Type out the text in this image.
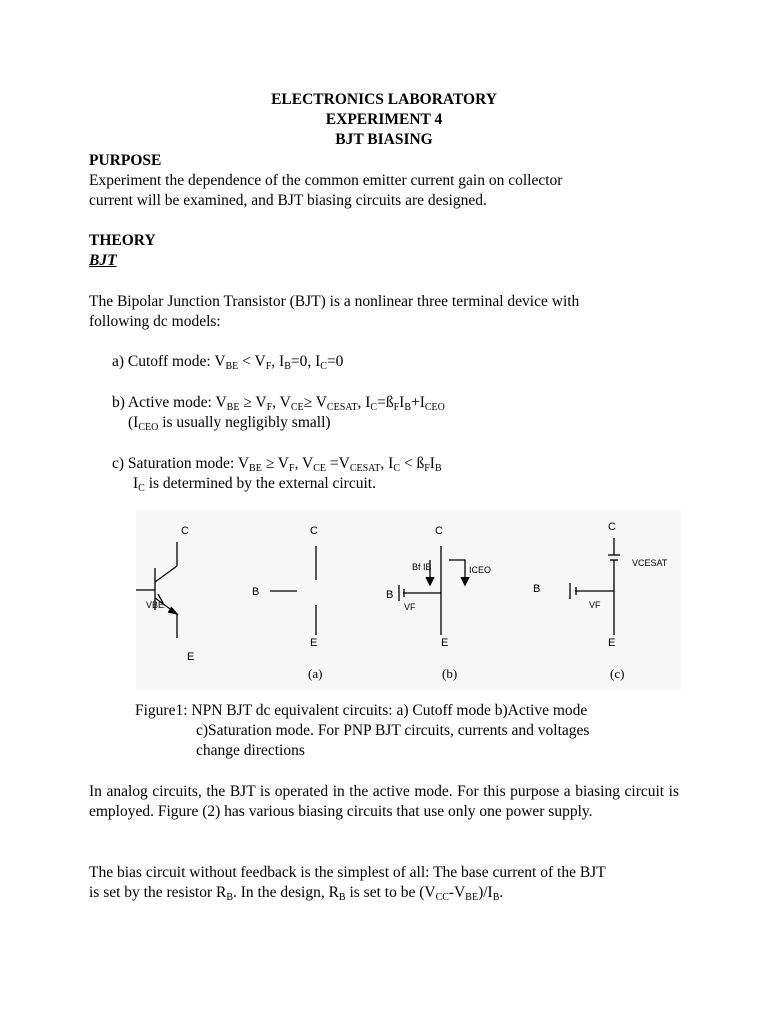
ELECTRONICS LABORATORY
EXPERIMENT 4
BJT BIASING
PURPOSE
Experiment the dependence of the common emitter current gain on collector
current will be examined, and BJT biasing circuits are designed.
THEORY
BJT
The Bipolar Junction Transistor (BJT) is a nonlinear three terminal device with
following dc models:
a) Cutoff mode: $V_{BE} < V_F$, $I_B=0$, $I_C=0$
b) Active mode: $V_{BE} \ge V_F$, $V_{CE}\ge V_{CESAT}$, $I_C=ß_FI_B+I_{CEO}$
($I_{CEO}$ is usually negligibly small)
c) Saturation mode: $V_{BE} \ge V_F$, $V_{CE} =V_{CESAT}$, $I_C$ < $ß_FI_B$
$I_C$ is determined by the external circuit.
C
VBE
E
C
B
E
C
Bf IB	ICEO
B
VF
E
C
VCESAT
B
VF
E
(a)	(b)	(c)
Figure1: NPN BJT dc equivalent circuits: a) Cutoff mode b)Active mode
c)Saturation mode. For PNP BJT circuits, currents and voltages
change directions
In analog circuits, the BJT is operated in the active mode. For this purpose a biasing circuit is employed. Figure (2) has various biasing circuits that use only one power supply.
The bias circuit without feedback is the simplest of all: The base current of the BJT
is set by the resistor $R_B$. In the design, $R_B$ is set to be $(V_{CC}-V_{BE})/I_B$.
